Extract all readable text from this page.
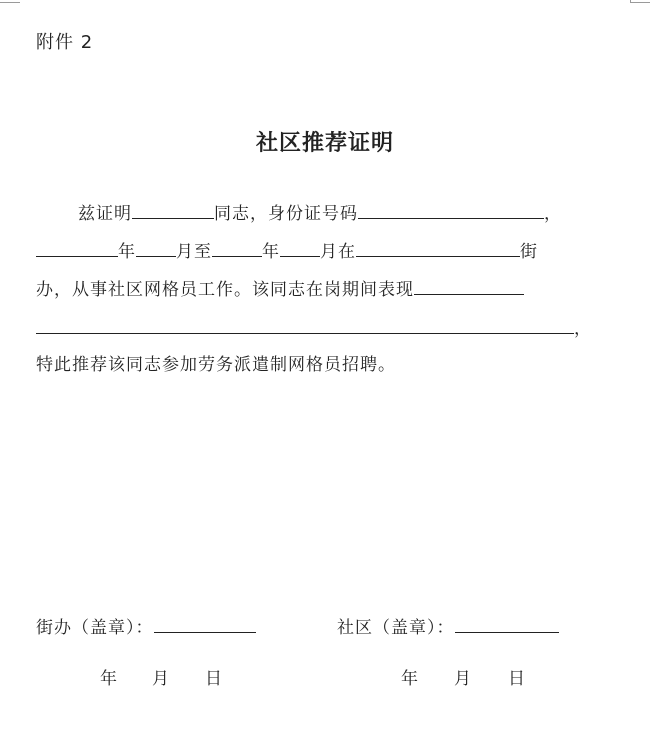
附件 2
社区推荐证明
兹证明	同志，身份证号码	，
年 月至	年 月在	街
办，从事社区网格员工作。该同志在岗期间表现
，
特此推荐该同志参加劳务派遣制网格员招聘。
街办（盖章）：	社区（盖章）：
年 月 日	年 月 日
